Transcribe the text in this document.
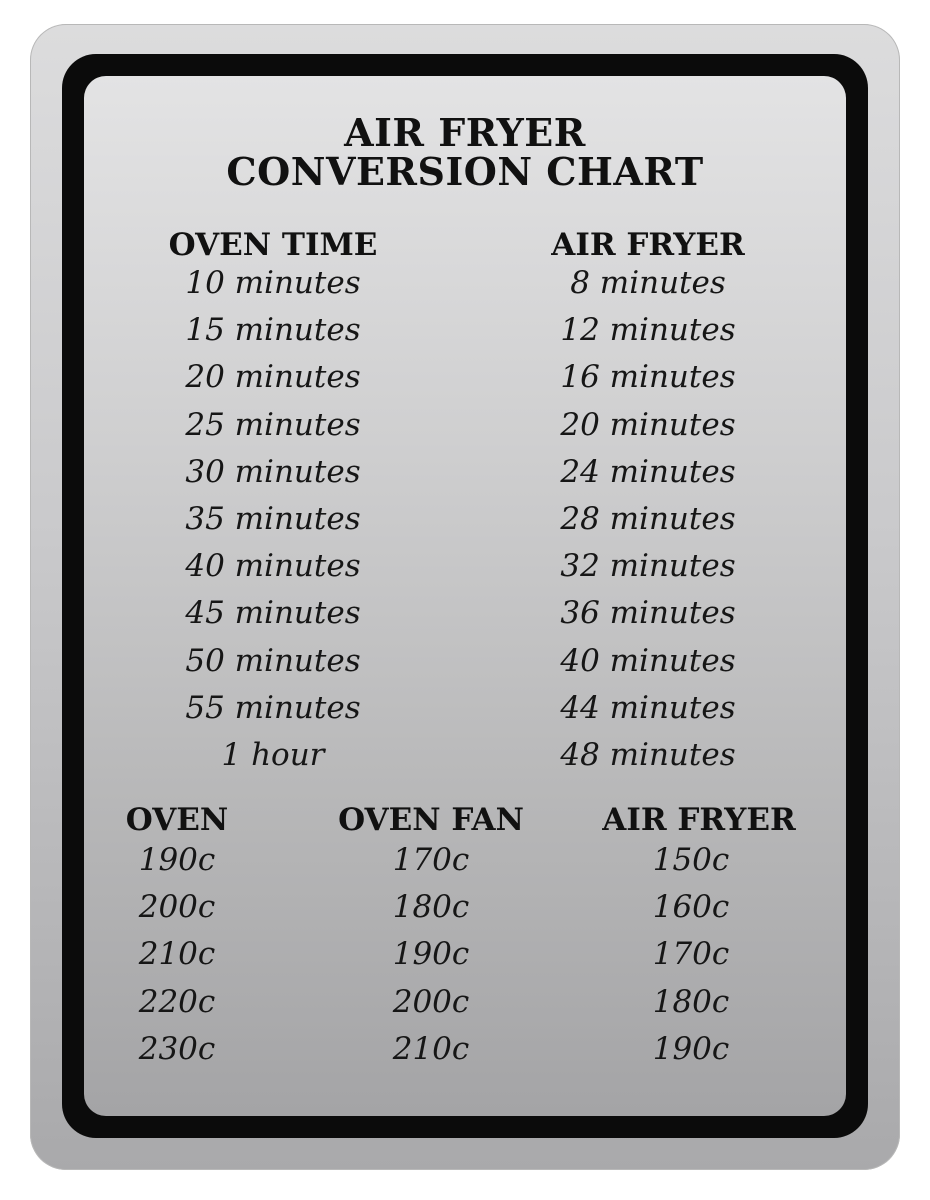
AIR FRYER
CONVERSION CHART
OVEN TIME	AIR FRYER
10 minutes	8 minutes
15 minutes	12 minutes
20 minutes	16 minutes
25 minutes	20 minutes
30 minutes	24 minutes
35 minutes	28 minutes
40 minutes	32 minutes
45 minutes	36 minutes
50 minutes	40 minutes
55 minutes	44 minutes
1 hour	48 minutes
OVEN	OVEN FAN	AIR FRYER
190c	170c	150c
200c	180c	160c
210c	190c	170c
220c	200c	180c
230c	210c	190c
